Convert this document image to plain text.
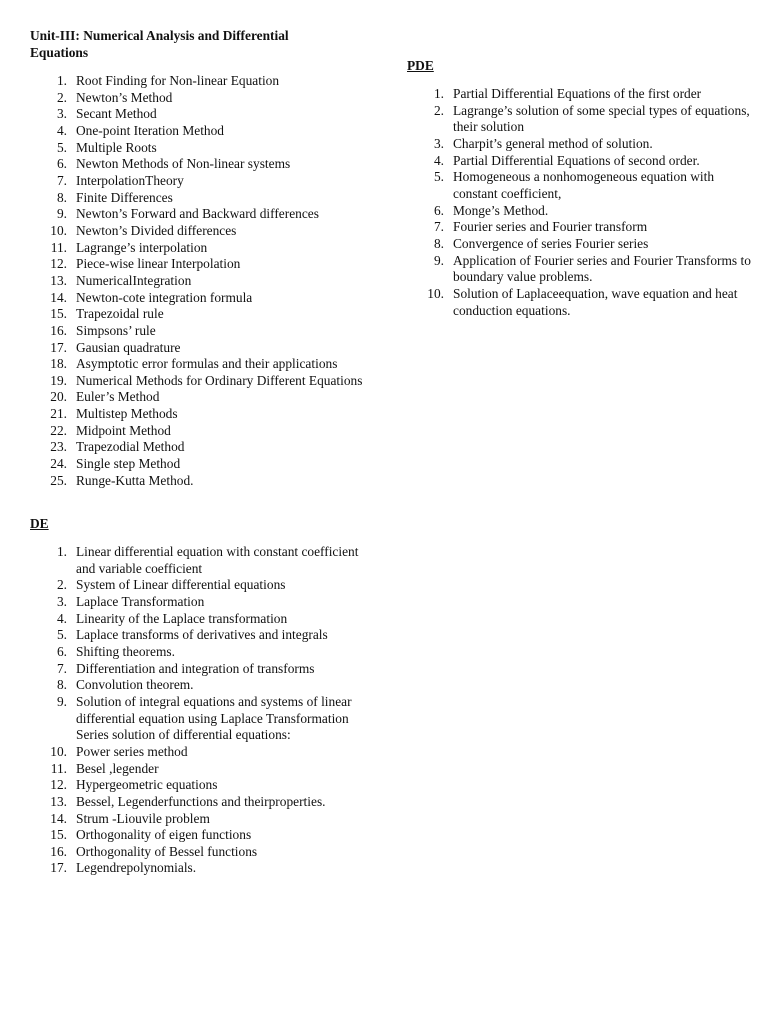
Unit-III: Numerical Analysis and Differential Equations
1. Root Finding for Non-linear Equation
2. Newton’s Method
3. Secant Method
4. One-point Iteration Method
5. Multiple Roots
6. Newton Methods of Non-linear systems
7. InterpolationTheory
8. Finite Differences
9. Newton’s Forward and Backward differences
10. Newton’s Divided differences
11. Lagrange’s interpolation
12. Piece-wise linear Interpolation
13. NumericalIntegration
14. Newton-cote integration formula
15. Trapezoidal rule
16. Simpsons’ rule
17. Gausian quadrature
18. Asymptotic error formulas and their applications
19. Numerical Methods for Ordinary Different Equations
20. Euler’s Method
21. Multistep Methods
22. Midpoint Method
23. Trapezodial Method
24. Single step Method
25. Runge-Kutta Method.
DE
1. Linear differential equation with constant coefficient and variable coefficient
2. System of Linear differential equations
3. Laplace Transformation
4. Linearity of the Laplace transformation
5. Laplace transforms of derivatives and integrals
6. Shifting theorems.
7. Differentiation and integration of transforms
8. Convolution theorem.
9. Solution of integral equations and systems of linear differential equation using Laplace Transformation Series solution of differential equations:
10. Power series method
11. Besel ,legender
12. Hypergeometric equations
13. Bessel, Legenderfunctions and theirproperties.
14. Strum -Liouvile problem
15. Orthogonality of eigen functions
16. Orthogonality of Bessel functions
17. Legendrepolynomials.
PDE
1. Partial Differential Equations of the first order
2. Lagrange’s solution of some special types of equations, their solution
3. Charpit’s general method of solution.
4. Partial Differential Equations of second order.
5. Homogeneous a nonhomogeneous equation with constant coefficient,
6. Monge’s Method.
7. Fourier series and Fourier transform
8. Convergence of series Fourier series
9. Application of Fourier series and Fourier Transforms to boundary value problems.
10. Solution of Laplaceequation, wave equation and heat conduction equations.
